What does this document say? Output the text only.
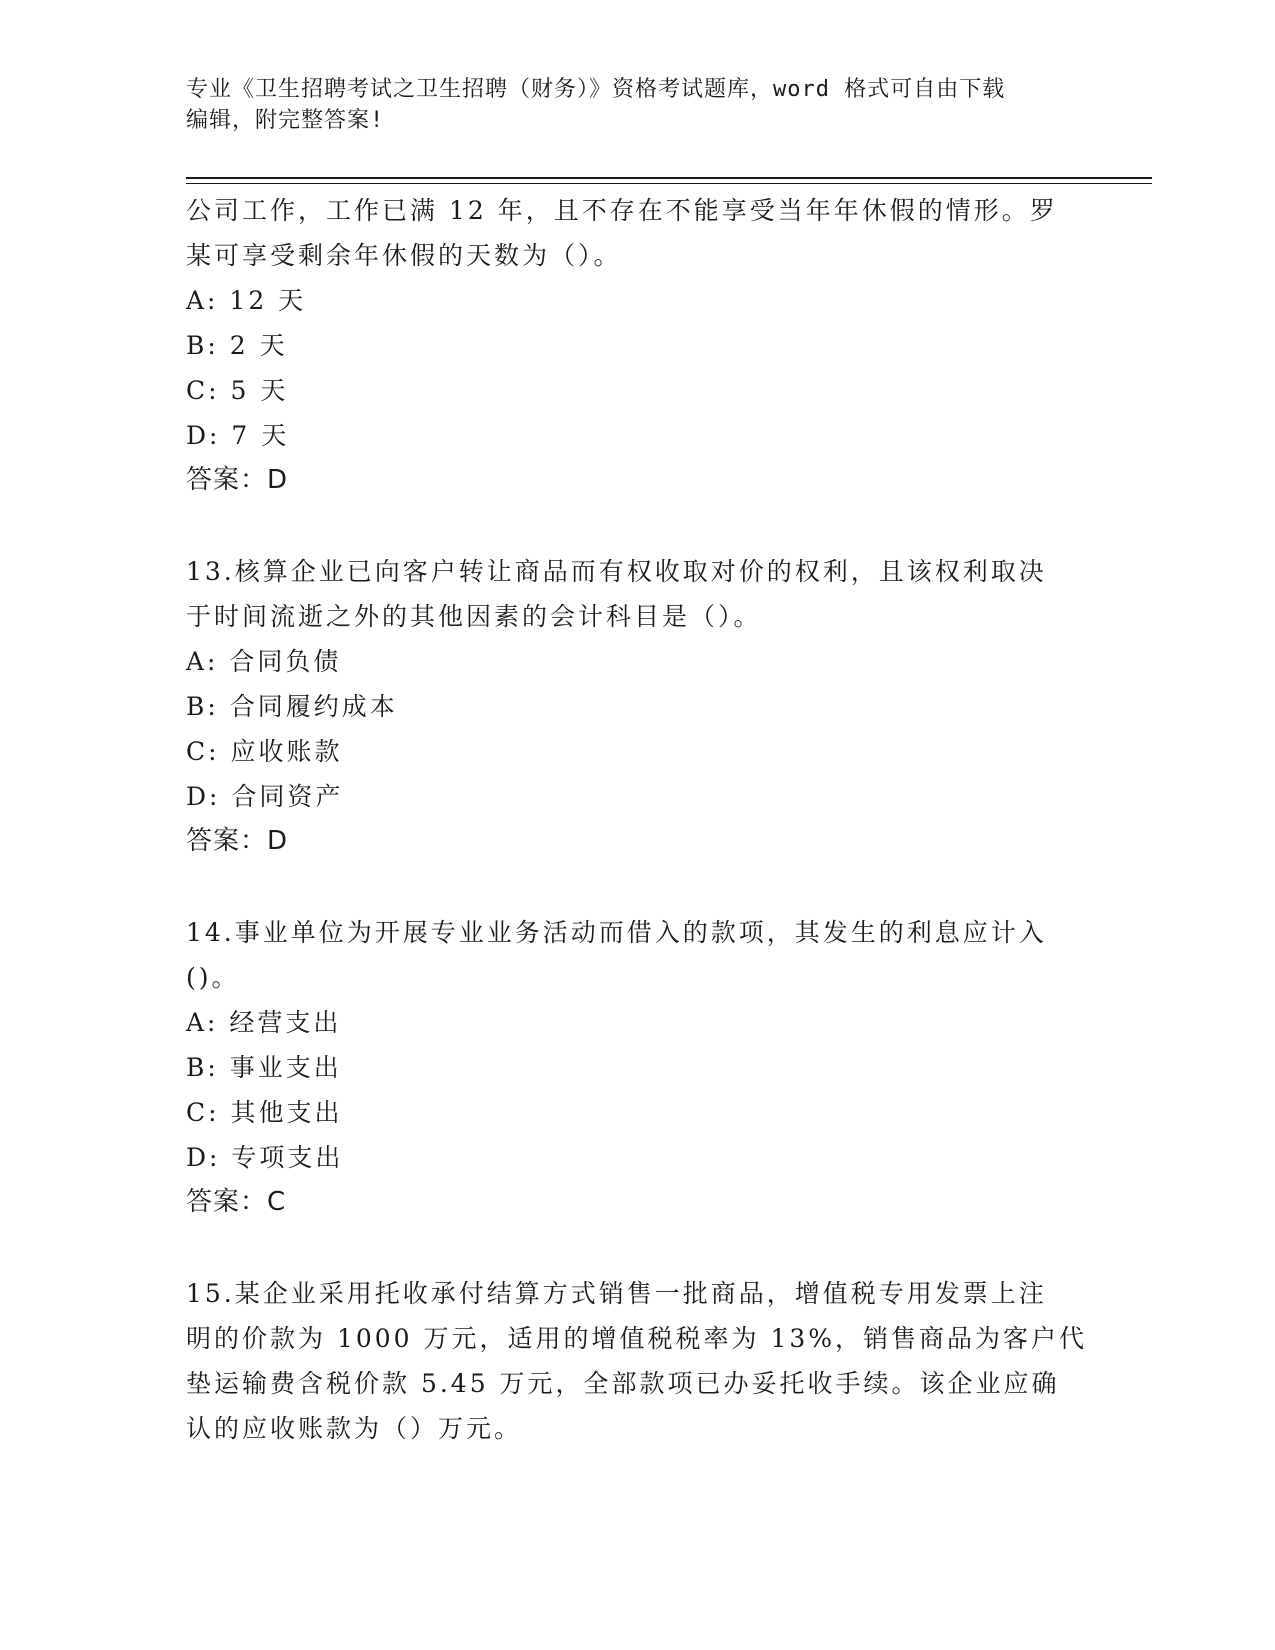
专业《卫生招聘考试之卫生招聘（财务）》资格考试题库，word 格式可自由下载
编辑，附完整答案!
公司工作，工作已满 12 年，且不存在不能享受当年年休假的情形。罗
某可享受剩余年休假的天数为（）。
A: 12 天
B: 2 天
C: 5 天
D: 7 天
答案：D
13.核算企业已向客户转让商品而有权收取对价的权利，且该权利取决
于时间流逝之外的其他因素的会计科目是（）。
A: 合同负债
B: 合同履约成本
C: 应收账款
D: 合同资产
答案：D
14.事业单位为开展专业业务活动而借入的款项，其发生的利息应计入
()。
A: 经营支出
B: 事业支出
C: 其他支出
D: 专项支出
答案：C
15.某企业采用托收承付结算方式销售一批商品，增值税专用发票上注
明的价款为 1000 万元，适用的增值税税率为 13%，销售商品为客户代
垫运输费含税价款 5.45 万元，全部款项已办妥托收手续。该企业应确
认的应收账款为（）万元。
